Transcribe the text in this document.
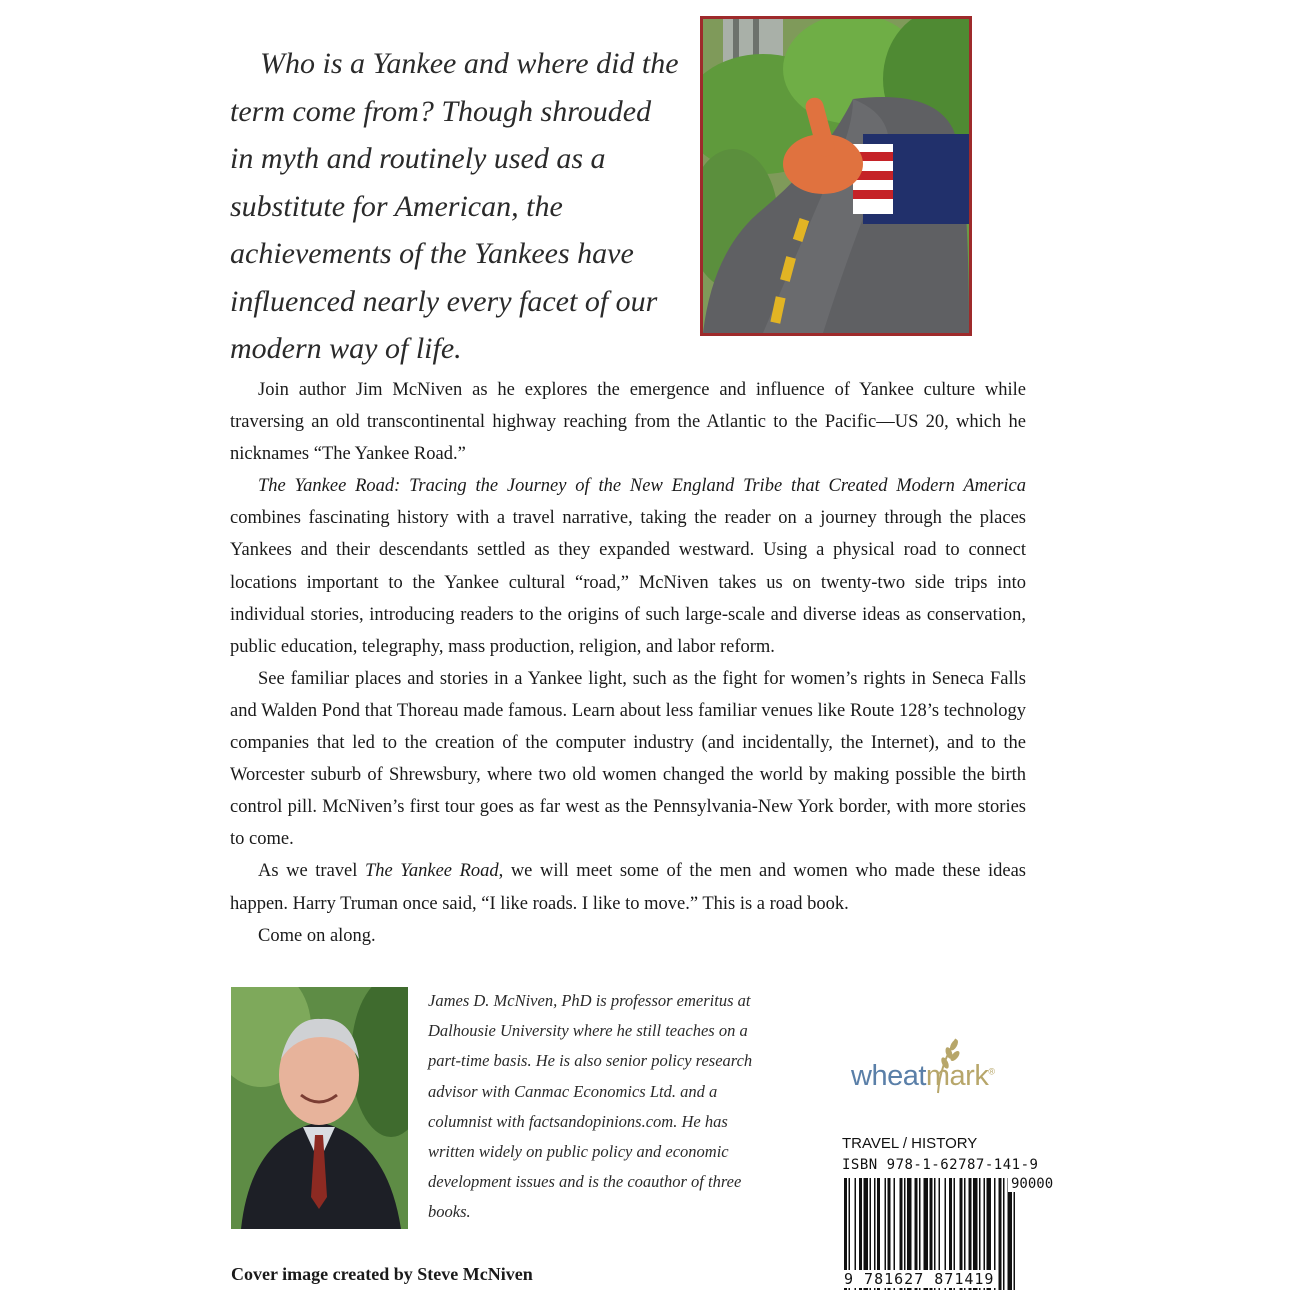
Who is a Yankee and where did the term come from? Though shrouded in myth and routinely used as a substitute for American, the achievements of the Yankees have influenced nearly every facet of our modern way of life.

Join author Jim McNiven as he explores the emergence and influence of Yankee culture while traversing an old transcontinental highway reaching from the Atlantic to the Pacific—US 20, which he nicknames “The Yankee Road.”

The Yankee Road: Tracing the Journey of the New England Tribe that Created Modern America combines fascinating history with a travel narrative, taking the reader on a journey through the places Yankees and their descendants settled as they expanded westward. Using a physical road to connect locations important to the Yankee cultural “road,” McNiven takes us on twenty-two side trips into individual stories, introducing readers to the origins of such large-scale and diverse ideas as conservation, public education, telegraphy, mass production, religion, and labor reform.

See familiar places and stories in a Yankee light, such as the fight for women’s rights in Seneca Falls and Walden Pond that Thoreau made famous. Learn about less familiar venues like Route 128’s technology companies that led to the creation of the computer industry (and incidentally, the Internet), and to the Worcester suburb of Shrewsbury, where two old women changed the world by making possible the birth control pill. McNiven’s first tour goes as far west as the Pennsylvania-New York border, with more stories to come.

As we travel The Yankee Road, we will meet some of the men and women who made these ideas happen. Harry Truman once said, “I like roads. I like to move.” This is a road book.

Come on along.

James D. McNiven, PhD is professor emeritus at Dalhousie University where he still teaches on a part-time basis. He is also senior policy research advisor with Canmac Economics Ltd. and a columnist with factsandopinions.com. He has written widely on public policy and economic development issues and is the coauthor of three books.

Cover image created by Steve McNiven
wheatmark®
TRAVEL / HISTORY
ISBN 978-1-62787-141-9
90000
9 781627 871419
